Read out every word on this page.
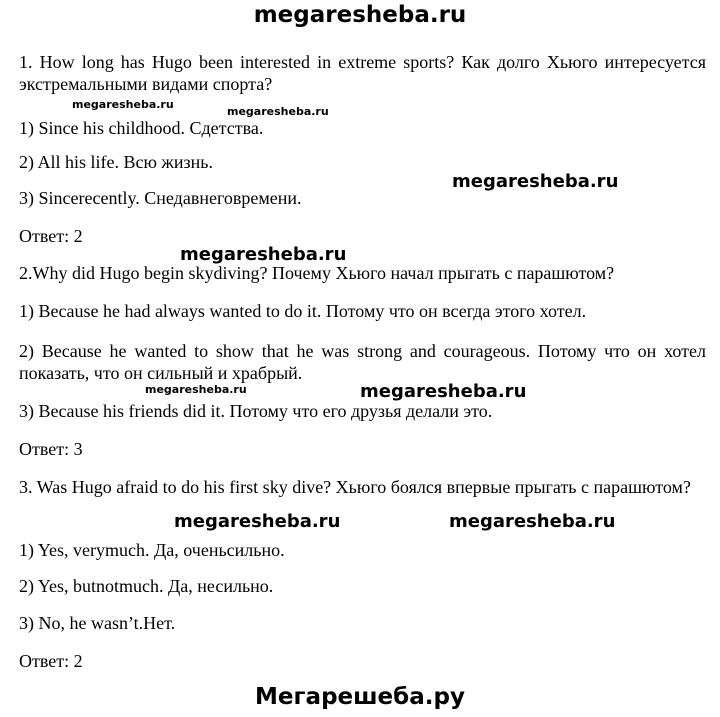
megaresheba.ru
1. How long has Hugo been interested in extreme sports? Как долго Хьюго интересуется экстремальными видами спорта?
1) Since his childhood. Сдетства.
2) All his life. Всю жизнь.
3) Sincerecently. Снедавнеговремени.
Ответ: 2
2.Why did Hugo begin skydiving? Почему Хьюго начал прыгать с парашютом?
1) Because he had always wanted to do it. Потому что он всегда этого хотел.
2) Because he wanted to show that he was strong and courageous. Потому что он хотел показать, что он сильный и храбрый.
3) Because his friends did it. Потому что его друзья делали это.
Ответ: 3
3. Was Hugo afraid to do his first sky dive? Хьюго боялся впервые прыгать с парашютом?
1) Yes, verymuch. Да, оченьсильно.
2) Yes, butnotmuch. Да, несильно.
3) No, he wasn’t.Нет.
Ответ: 2
megaresheba.ru
megaresheba.ru
megaresheba.ru
megaresheba.ru
megaresheba.ru	megaresheba.ru
megaresheba.ru	megaresheba.ru
Мегарешеба.ру
